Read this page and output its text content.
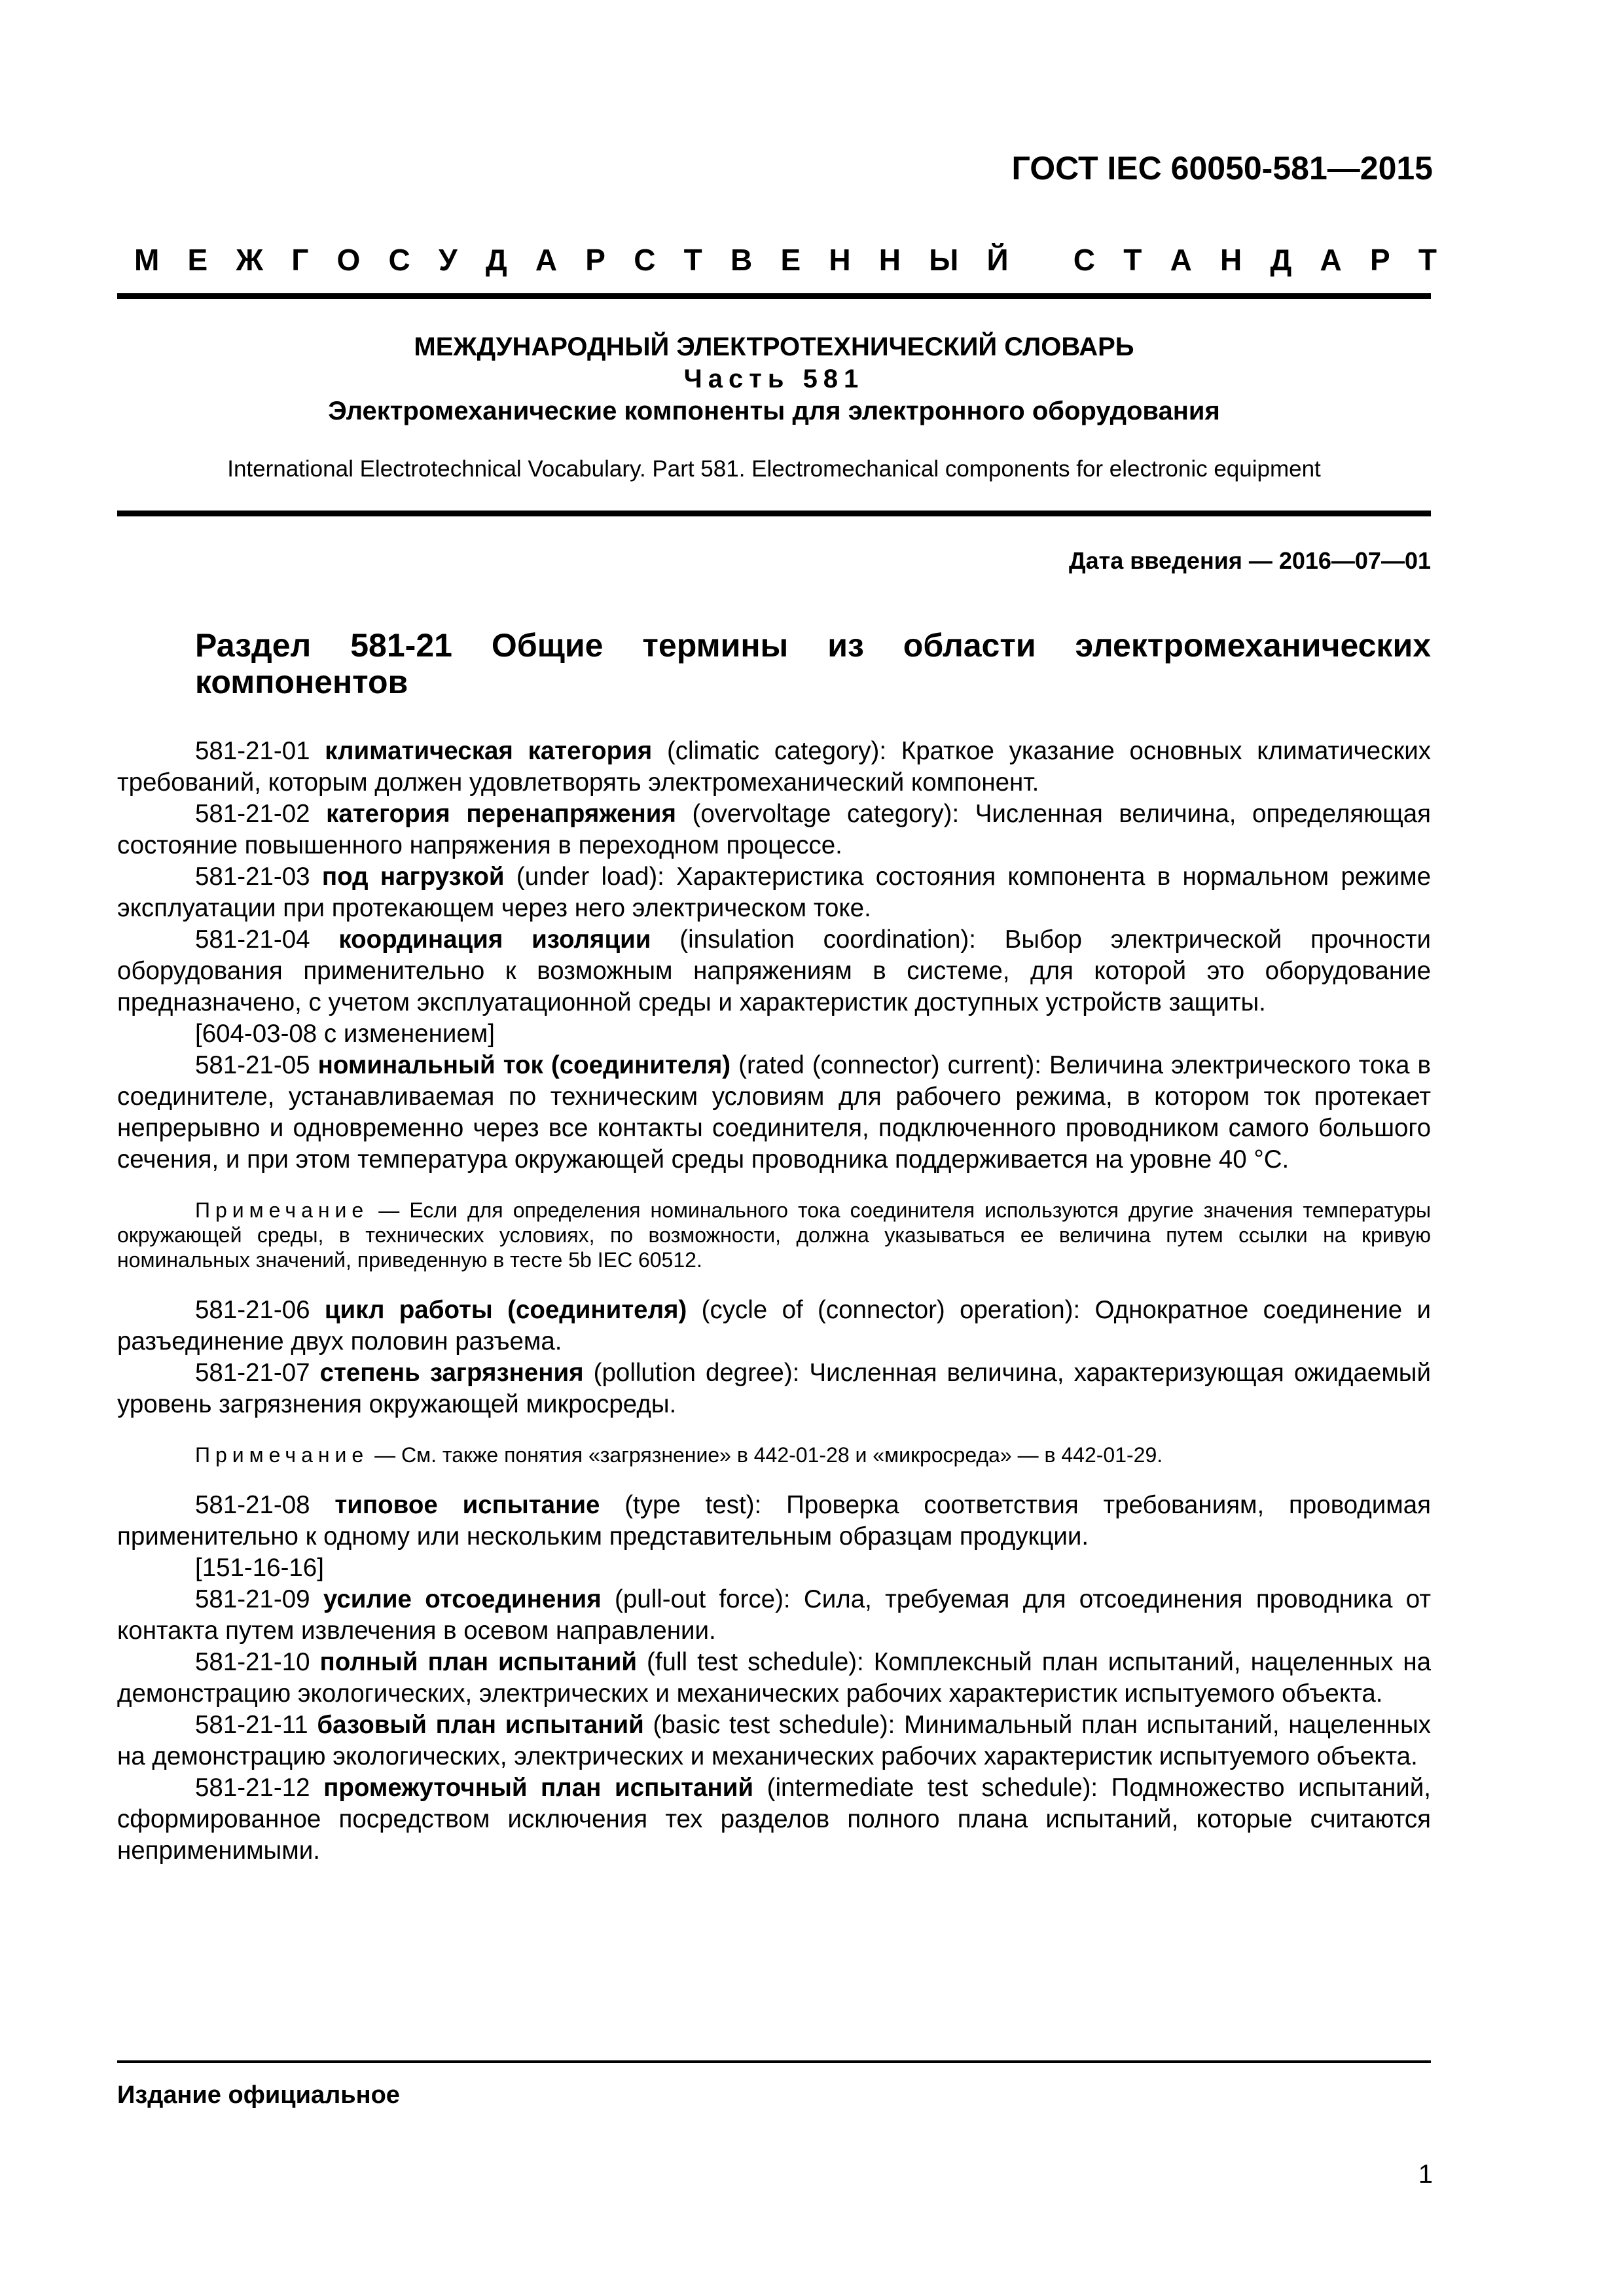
ГОСТ IEC 60050-581—2015
М Е Ж Г О С У Д А Р С Т В Е Н Н Ы Й
С Т А Н Д А Р Т
МЕЖДУНАРОДНЫЙ ЭЛЕКТРОТЕХНИЧЕСКИЙ СЛОВАРЬ
Часть 581
Электромеханические компоненты для электронного оборудования
International Electrotechnical Vocabulary. Part 581. Electromechanical components for electronic equipment
Дата введения — 2016—07—01
Раздел 581-21 Общие термины из области электромеханических компонентов

581-21-01 климатическая категория (climatic category): Краткое указание основных климатических требований, которым должен удовлетворять электромеханический компонент.

581-21-02 категория перенапряжения (overvoltage category): Численная величина, определяющая состояние повышенного напряжения в переходном процессе.

581-21-03 под нагрузкой (under load): Характеристика состояния компонента в нормальном режиме эксплуатации при протекающем через него электрическом токе.

581-21-04 координация изоляции (insulation coordination): Выбор электрической прочности оборудования применительно к возможным напряжениям в системе, для которой это оборудование предназначено, с учетом эксплуатационной среды и характеристик доступных устройств защиты.

[604-03-08 с изменением]

581-21-05 номинальный ток (соединителя) (rated (connector) current): Величина электрического тока в соединителе, устанавливаемая по техническим условиям для рабочего режима, в котором ток протекает непрерывно и одновременно через все контакты соединителя, подключенного проводником самого большого сечения, и при этом температура окружающей среды проводника поддерживается на уровне 40 °С.

Примечание — Если для определения номинального тока соединителя используются другие значения температуры окружающей среды, в технических условиях, по возможности, должна указываться ее величина путем ссылки на кривую номинальных значений, приведенную в тесте 5b IEC 60512.

581-21-06 цикл работы (соединителя) (cycle of (connector) operation): Однократное соединение и разъединение двух половин разъема.

581-21-07 степень загрязнения (pollution degree): Численная величина, характеризующая ожидаемый уровень загрязнения окружающей микросреды.

Примечание — См. также понятия «загрязнение» в 442-01-28 и «микросреда» — в 442-01-29.

581-21-08 типовое испытание (type test): Проверка соответствия требованиям, проводимая применительно к одному или нескольким представительным образцам продукции.

[151-16-16]

581-21-09 усилие отсоединения (pull-out force): Сила, требуемая для отсоединения проводника от контакта путем извлечения в осевом направлении.

581-21-10 полный план испытаний (full test schedule): Комплексный план испытаний, нацеленных на демонстрацию экологических, электрических и механических рабочих характеристик испытуемого объекта.

581-21-11 базовый план испытаний (basic test schedule): Минимальный план испытаний, нацеленных на демонстрацию экологических, электрических и механических рабочих характеристик испытуемого объекта.

581-21-12 промежуточный план испытаний (intermediate test schedule): Подмножество испытаний, сформированное посредством исключения тех разделов полного плана испытаний, которые считаются неприменимыми.

Издание официальное
1
